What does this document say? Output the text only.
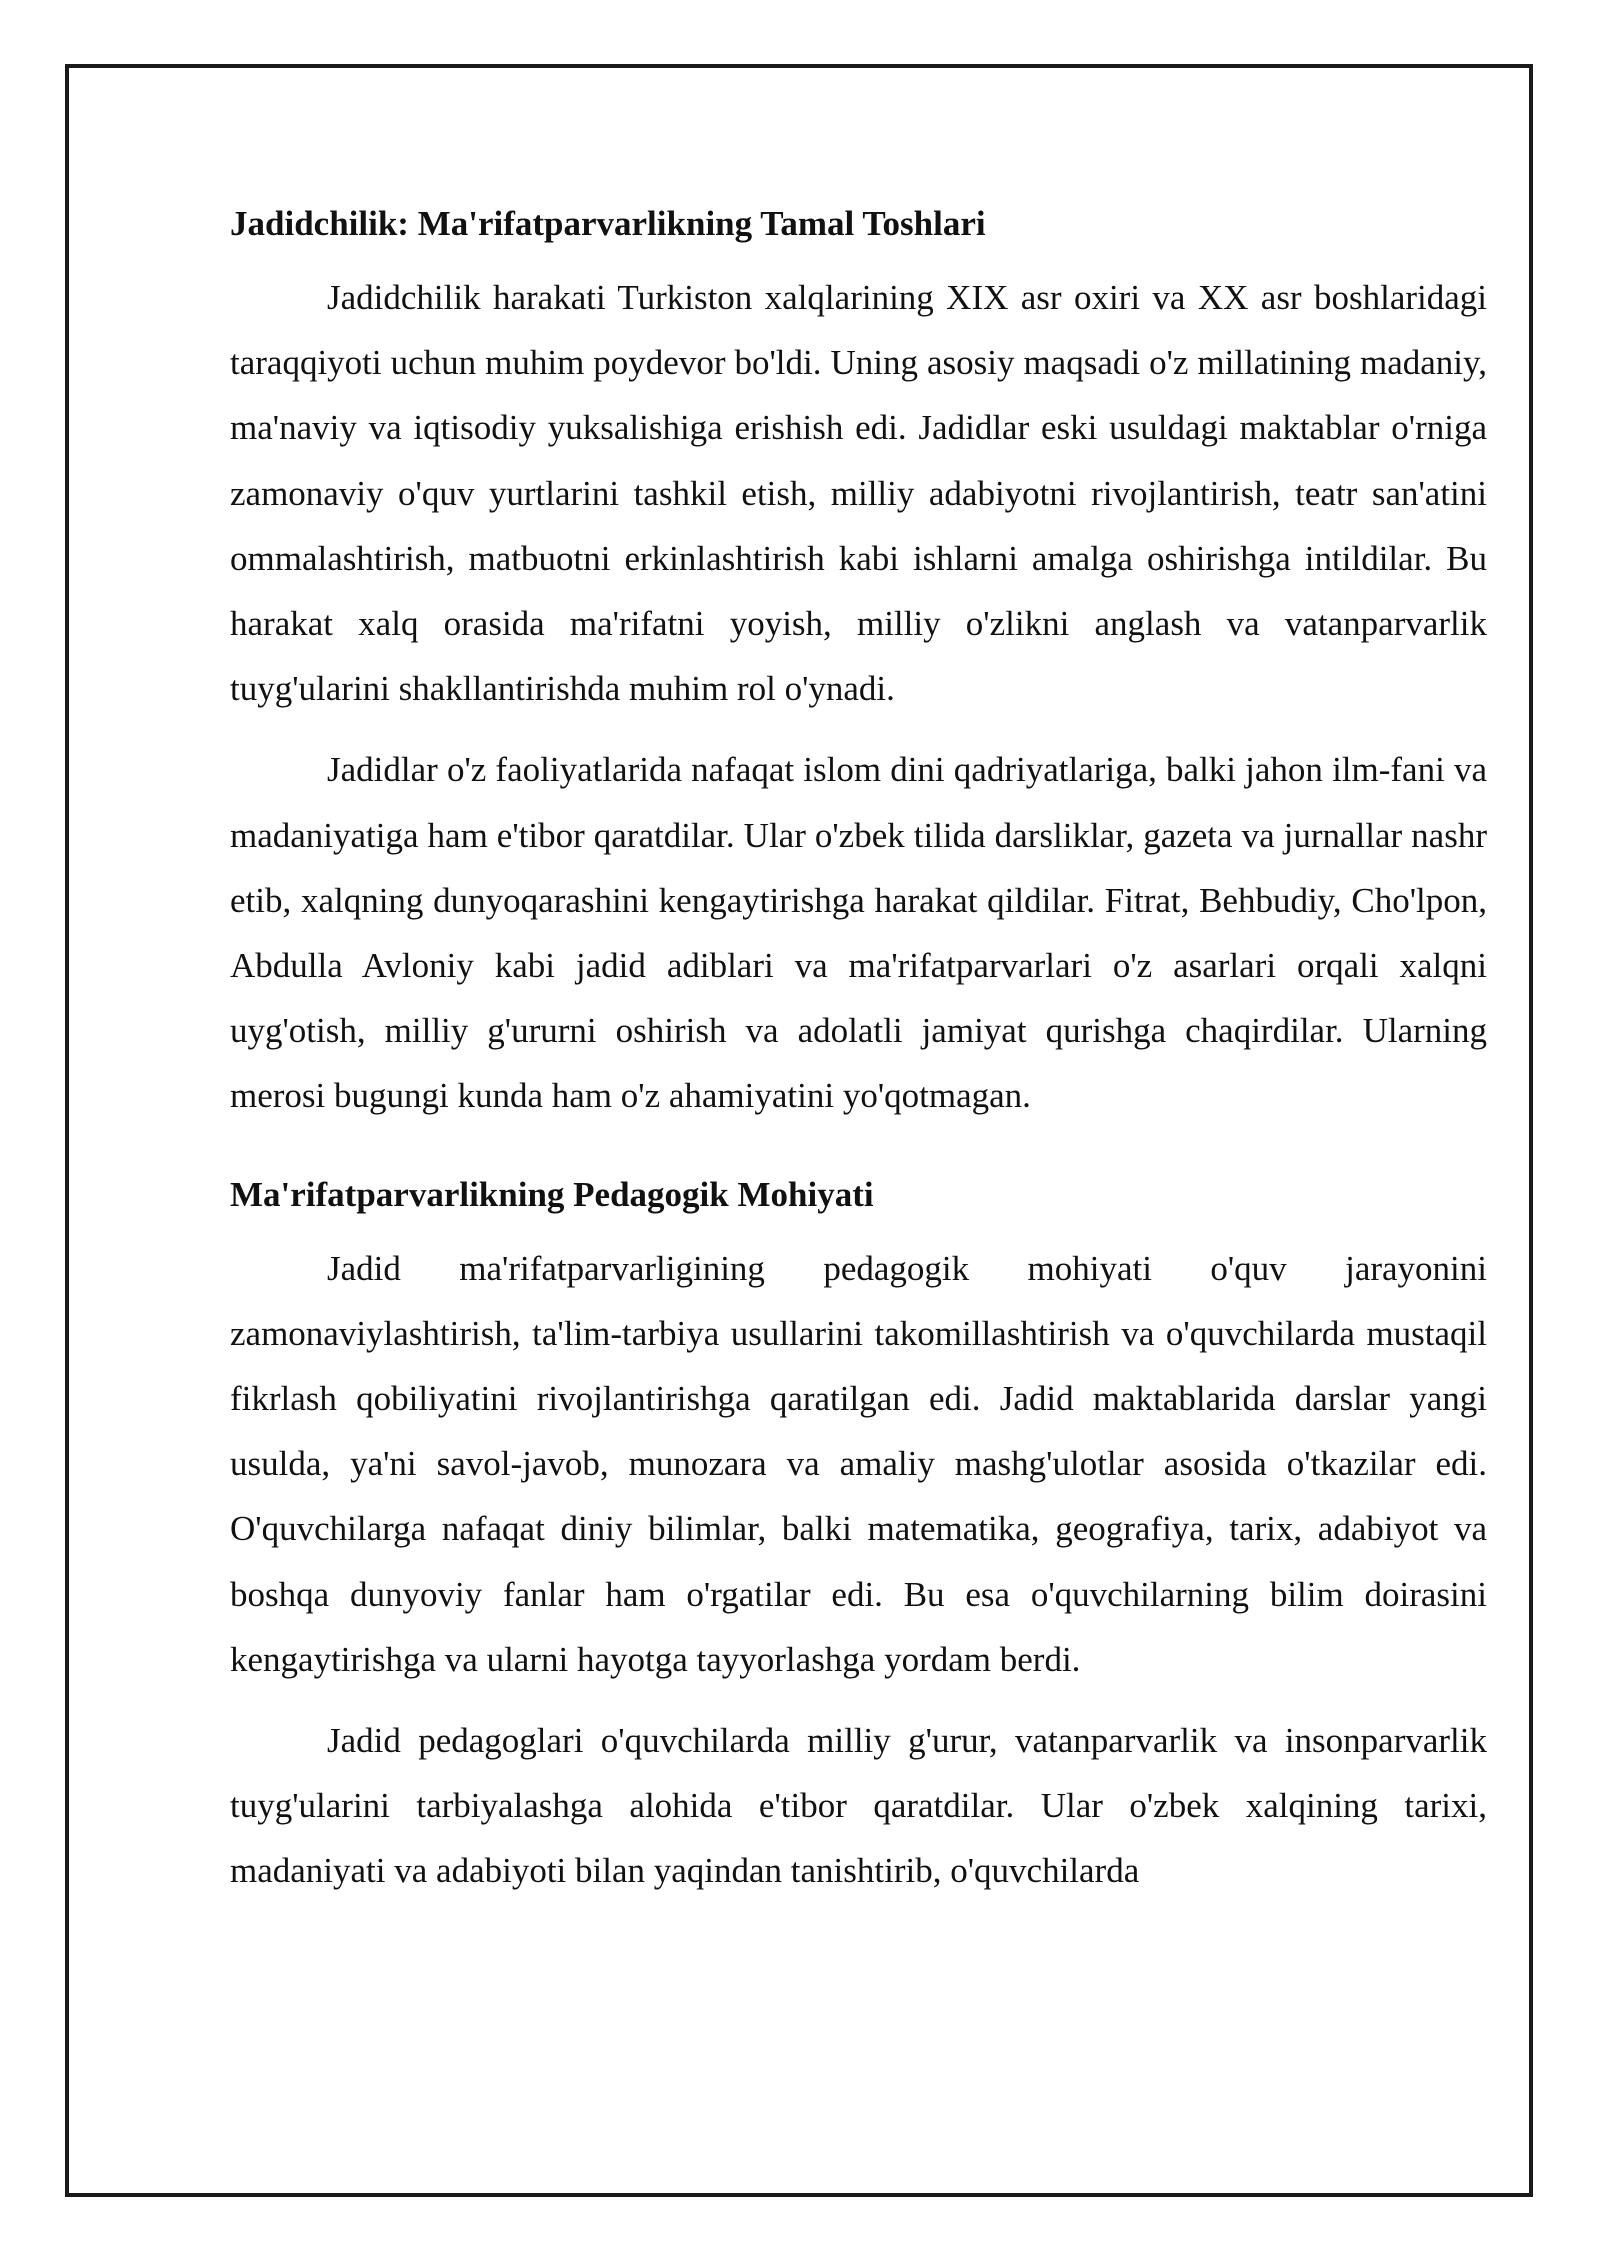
Jadidchilik: Ma'rifatparvarlikning Tamal Toshlari

Jadidchilik harakati Turkiston xalqlarining XIX asr oxiri va XX asr boshlaridagi taraqqiyoti uchun muhim poydevor bo'ldi. Uning asosiy maqsadi o'z millatining madaniy, ma'naviy va iqtisodiy yuksalishiga erishish edi. Jadidlar eski usuldagi maktablar o'rniga zamonaviy o'quv yurtlarini tashkil etish, milliy adabiyotni rivojlantirish, teatr san'atini ommalashtirish, matbuotni erkinlashtirish kabi ishlarni amalga oshirishga intildilar. Bu harakat xalq orasida ma'rifatni yoyish, milliy o'zlikni anglash va vatanparvarlik tuyg'ularini shakllantirishda muhim rol o'ynadi.

Jadidlar o'z faoliyatlarida nafaqat islom dini qadriyatlariga, balki jahon ilm-fani va madaniyatiga ham e'tibor qaratdilar. Ular o'zbek tilida darsliklar, gazeta va jurnallar nashr etib, xalqning dunyoqarashini kengaytirishga harakat qildilar. Fitrat, Behbudiy, Cho'lpon, Abdulla Avloniy kabi jadid adiblari va ma'rifatparvarlari o'z asarlari orqali xalqni uyg'otish, milliy g'ururni oshirish va adolatli jamiyat qurishga chaqirdilar. Ularning merosi bugungi kunda ham o'z ahamiyatini yo'qotmagan.

Ma'rifatparvarlikning Pedagogik Mohiyati

Jadid ma'rifatparvarligining pedagogik mohiyati o'quv jarayonini zamonaviylashtirish, ta'lim-tarbiya usullarini takomillashtirish va o'quvchilarda mustaqil fikrlash qobiliyatini rivojlantirishga qaratilgan edi. Jadid maktablarida darslar yangi usulda, ya'ni savol-javob, munozara va amaliy mashg'ulotlar asosida o'tkazilar edi. O'quvchilarga nafaqat diniy bilimlar, balki matematika, geografiya, tarix, adabiyot va boshqa dunyoviy fanlar ham o'rgatilar edi. Bu esa o'quvchilarning bilim doirasini kengaytirishga va ularni hayotga tayyorlashga yordam berdi.

Jadid pedagoglari o'quvchilarda milliy g'urur, vatanparvarlik va insonparvarlik tuyg'ularini tarbiyalashga alohida e'tibor qaratdilar. Ular o'zbek xalqining tarixi, madaniyati va adabiyoti bilan yaqindan tanishtirib, o'quvchilarda
